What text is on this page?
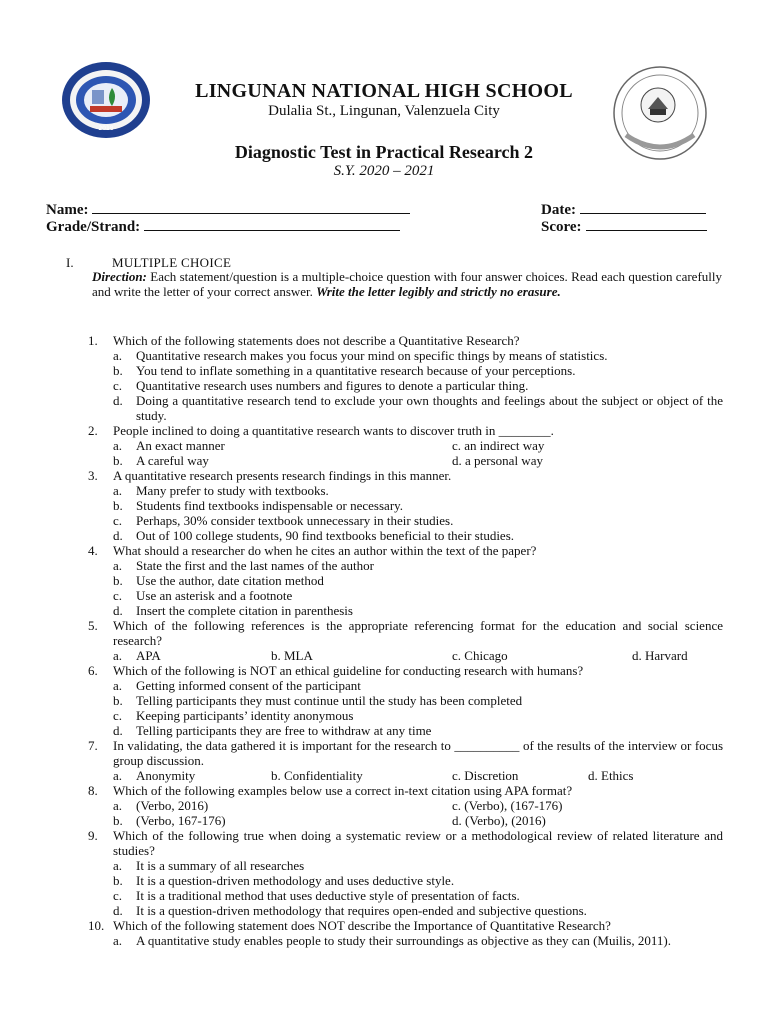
2018
LINGUNAN NATIONAL HIGH SCHOOL
Dulalia St., Lingunan, Valenzuela City
Diagnostic Test in Practical Research 2
S.Y. 2020 – 2021
Name:
Grade/Strand:
Date:
Score:
I.	MULTIPLE CHOICE
Direction: Each statement/question is a multiple-choice question with four answer choices. Read each question carefully and write the letter of your correct answer. Write the letter legibly and strictly no erasure.
1. Which of the following statements does not describe a Quantitative Research?
a. Quantitative research makes you focus your mind on specific things by means of statistics.
b. You tend to inflate something in a quantitative research because of your perceptions.
c. Quantitative research uses numbers and figures to denote a particular thing.
d. Doing a quantitative research tend to exclude your own thoughts and feelings about the subject or object of the study.
2. People inclined to doing a quantitative research wants to discover truth in ________.
a. An exact manner	c. an indirect way
b. A careful way	d. a personal way
3. A quantitative research presents research findings in this manner.
a. Many prefer to study with textbooks.
b. Students find textbooks indispensable or necessary.
c. Perhaps, 30% consider textbook unnecessary in their studies.
d. Out of 100 college students, 90 find textbooks beneficial to their studies.
4. What should a researcher do when he cites an author within the text of the paper?
a. State the first and the last names of the author
b. Use the author, date citation method
c. Use an asterisk and a footnote
d. Insert the complete citation in parenthesis
5. Which of the following references is the appropriate referencing format for the education and social science research?
a. APA	b. MLA	c. Chicago	d. Harvard
6. Which of the following is NOT an ethical guideline for conducting research with humans?
a. Getting informed consent of the participant
b. Telling participants they must continue until the study has been completed
c. Keeping participants’ identity anonymous
d. Telling participants they are free to withdraw at any time
7. In validating, the data gathered it is important for the research to __________ of the results of the interview or focus group discussion.
a. Anonymity	b. Confidentiality	c. Discretion	d. Ethics
8. Which of the following examples below use a correct in-text citation using APA format?
a. (Verbo, 2016)	c. (Verbo), (167-176)
b. (Verbo, 167-176)	d. (Verbo), (2016)
9. Which of the following true when doing a systematic review or a methodological review of related literature and studies?
a. It is a summary of all researches
b. It is a question-driven methodology and uses deductive style.
c. It is a traditional method that uses deductive style of presentation of facts.
d. It is a question-driven methodology that requires open-ended and subjective questions.
10. Which of the following statement does NOT describe the Importance of Quantitative Research?
a. A quantitative study enables people to study their surroundings as objective as they can (Muilis, 2011).
